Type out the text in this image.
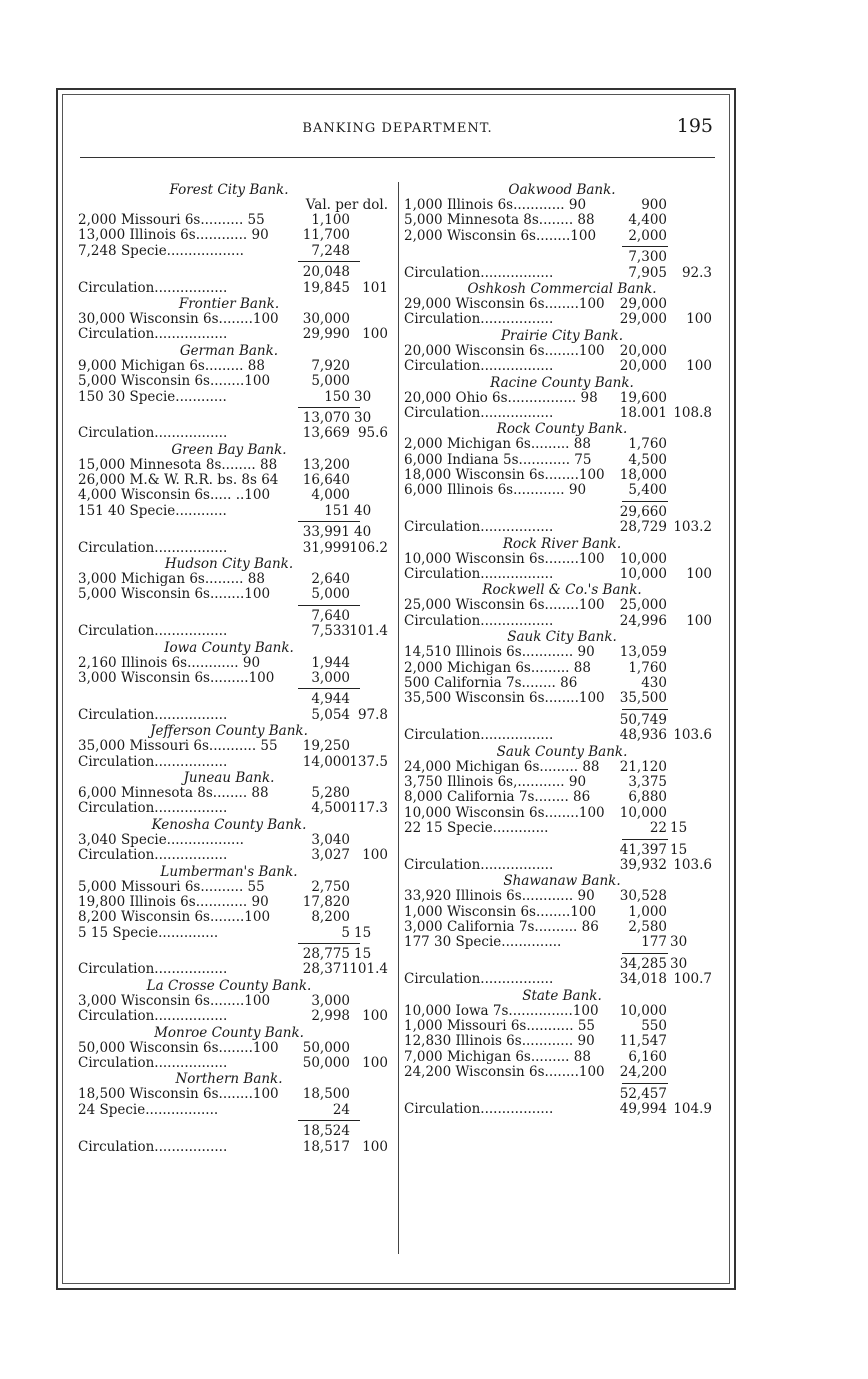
BANKING DEPARTMENT.	195
Forest City Bank.
Val. per dol.
2,000 Missouri 6s.......... 55	1,100
13,000 Illinois 6s............ 90	11,700
7,248 Specie..................	7,248
20,048
Circulation.................	19,845 101
Frontier Bank.
30,000 Wisconsin 6s........100 30,000
Circulation.................	29,990 100
German Bank.
9,000 Michigan 6s......... 88	7,920
5,000 Wisconsin 6s........100	5,000
150 30 Specie............	150 30
13,070 30
Circulation.................	13,669 95.6
Green Bay Bank.
15,000 Minnesota 8s........ 88 13,200
26,000 M.& W. R.R. bs. 8s 64 16,640
4,000 Wisconsin 6s..... ..100	4,000
151 40 Specie............	151 40
33,991 40
Circulation.................	31,999 106.2
Hudson City Bank.
3,000 Michigan 6s......... 88	2,640
5,000 Wisconsin 6s........100	5,000
7,640
Circulation.................	7,533 101.4
Iowa County Bank.
2,160 Illinois 6s............ 90	1,944
3,000 Wisconsin 6s.........100	3,000
4,944
Circulation.................	5,054 97.8
Jefferson County Bank.
35,000 Missouri 6s........... 55 19,250
Circulation.................	14,000 137.5
Juneau Bank.
6,000 Minnesota 8s........ 88	5,280
Circulation.................	4,500 117.3
Kenosha County Bank.
3,040 Specie..................	3,040
Circulation.................	3,027 100
Lumberman's Bank.
5,000 Missouri 6s.......... 55	2,750
19,800 Illinois 6s............ 90	17,820
8,200 Wisconsin 6s........100	8,200
5 15 Specie..............	5 15
28,775 15
Circulation.................	28,371 101.4
La Crosse County Bank.
3,000 Wisconsin 6s........100	3,000
Circulation.................	2,998 100
Monroe County Bank.
50,000 Wisconsin 6s........100 50,000
Circulation.................	50,000 100
Northern Bank.
18,500 Wisconsin 6s........100 18,500
24 Specie.................	24
18,524
Circulation.................	18,517 100
Oakwood Bank.
1,000 Illinois 6s............ 90	900
5,000 Minnesota 8s........ 88 4,400
2,000 Wisconsin 6s........100 2,000
7,300
Circulation.................	7,905 92.3
Oshkosh Commercial Bank.
29,000 Wisconsin 6s........100 29,000
Circulation.................	29,000 100
Prairie City Bank.
20,000 Wisconsin 6s........100 20,000
Circulation.................	20,000 100
Racine County Bank.
20,000 Ohio 6s................ 98 19,600
Circulation.................	18.001 108.8
Rock County Bank.
2,000 Michigan 6s......... 88	1,760
6,000 Indiana 5s............ 75	4,500
18,000 Wisconsin 6s........100 18,000
6,000 Illinois 6s............ 90	5,400
29,660
Circulation.................	28,729 103.2
Rock River Bank.
10,000 Wisconsin 6s........100 10,000
Circulation.................	10,000 100
Rockwell & Co.'s Bank.
25,000 Wisconsin 6s........100 25,000
Circulation.................	24,996 100
Sauk City Bank.
14,510 Illinois 6s............ 90 13,059
2,000 Michigan 6s......... 88	1,760
500 California 7s........ 86	430
35,500 Wisconsin 6s........100 35,500
50,749
Circulation.................	48,936 103.6
Sauk County Bank.
24,000 Michigan 6s......... 88 21,120
3,750 Illinois 6s,........... 90	3,375
8,000 California 7s........ 86	6,880
10,000 Wisconsin 6s........100 10,000
22 15 Specie.............	22 15
41,397 15
Circulation.................	39,932 103.6
Shawanaw Bank.
33,920 Illinois 6s............ 90 30,528
1,000 Wisconsin 6s........100 1,000
3,000 California 7s.......... 86 2,580
177 30 Specie..............	177 30
34,285 30
Circulation.................	34,018 100.7
State Bank.
10,000 Iowa 7s...............100 10,000
1,000 Missouri 6s........... 55	550
12,830 Illinois 6s............ 90 11,547
7,000 Michigan 6s......... 88	6,160
24,200 Wisconsin 6s........100 24,200
52,457
Circulation.................	49,994 104.9
